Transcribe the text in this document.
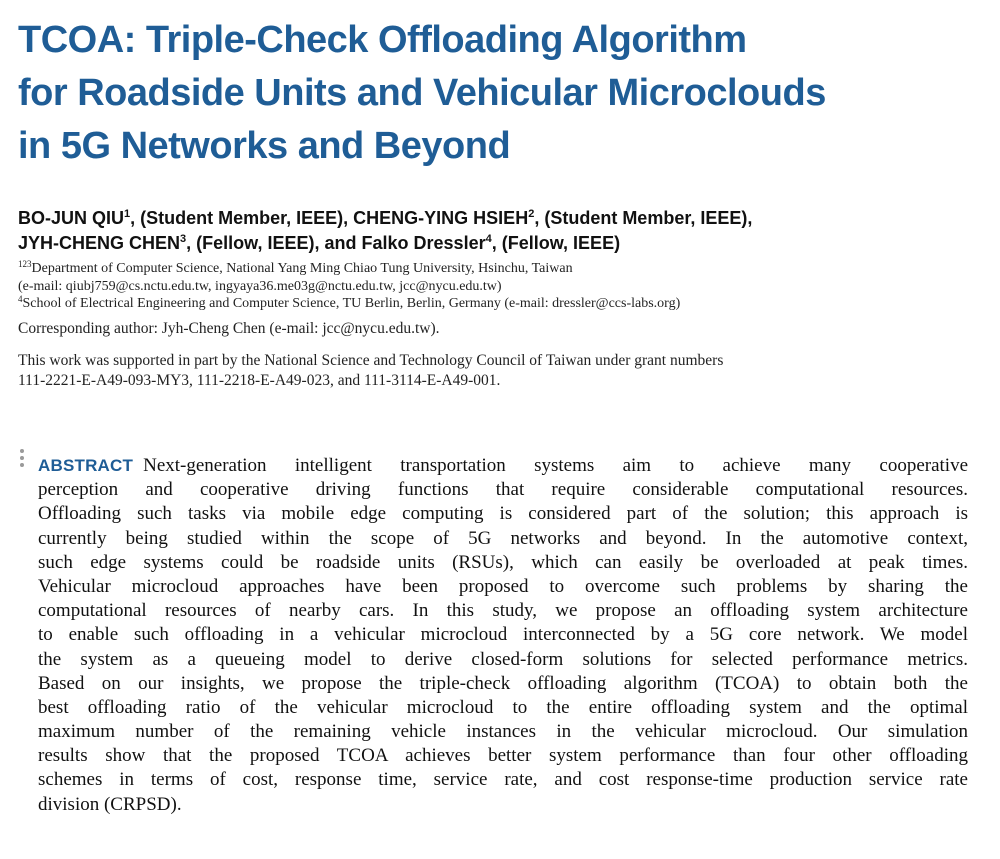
TCOA: Triple-Check Offloading Algorithm
for Roadside Units and Vehicular Microclouds
in 5G Networks and Beyond
BO-JUN QIU$^1$, (Student Member, IEEE), CHENG-YING HSIEH$^2$, (Student Member, IEEE),
JYH-CHENG CHEN$^3$, (Fellow, IEEE), and Falko Dressler$^4$, (Fellow, IEEE)
$^{123}$Department of Computer Science, National Yang Ming Chiao Tung University, Hsinchu, Taiwan
(e-mail: qiubj759@cs.nctu.edu.tw, ingyaya36.me03g@nctu.edu.tw, jcc@nycu.edu.tw)
$^4$School of Electrical Engineering and Computer Science, TU Berlin, Berlin, Germany (e-mail: dressler@ccs-labs.org)
Corresponding author: Jyh-Cheng Chen (e-mail: jcc@nycu.edu.tw).
This work was supported in part by the National Science and Technology Council of Taiwan under grant numbers
111-2221-E-A49-093-MY3, 111-2218-E-A49-023, and 111-3114-E-A49-001.
ABSTRACT Next-generation intelligent transportation systems aim to achieve many cooperative
perception and cooperative driving functions that require considerable computational resources.
Offloading such tasks via mobile edge computing is considered part of the solution; this approach is
currently being studied within the scope of 5G networks and beyond. In the automotive context,
such edge systems could be roadside units (RSUs), which can easily be overloaded at peak times.
Vehicular microcloud approaches have been proposed to overcome such problems by sharing the
computational resources of nearby cars. In this study, we propose an offloading system architecture
to enable such offloading in a vehicular microcloud interconnected by a 5G core network. We model
the system as a queueing model to derive closed-form solutions for selected performance metrics.
Based on our insights, we propose the triple-check offloading algorithm (TCOA) to obtain both the
best offloading ratio of the vehicular microcloud to the entire offloading system and the optimal
maximum number of the remaining vehicle instances in the vehicular microcloud. Our simulation
results show that the proposed TCOA achieves better system performance than four other offloading
schemes in terms of cost, response time, service rate, and cost response-time production service rate
division (CRPSD).
